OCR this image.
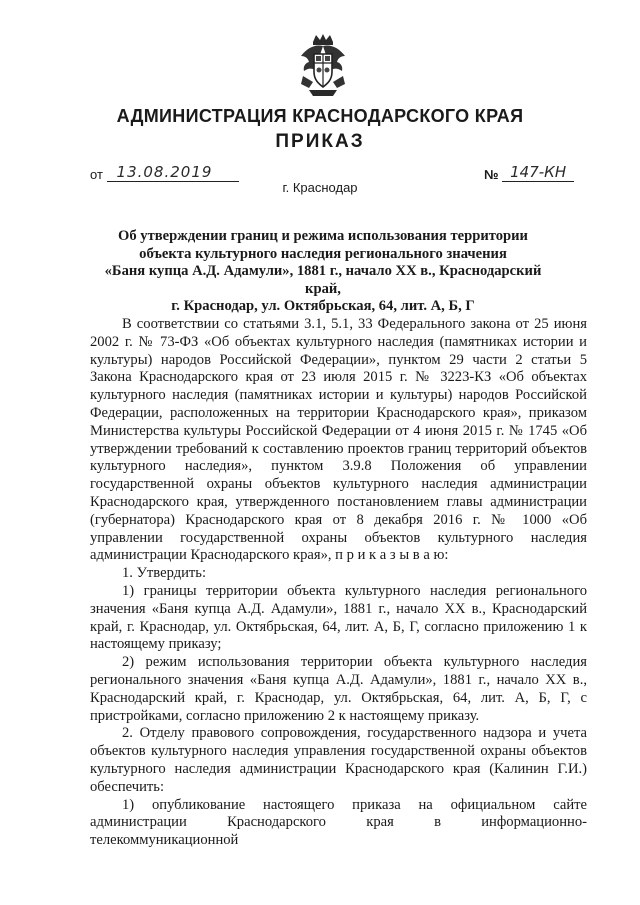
АДМИНИСТРАЦИЯ КРАСНОДАРСКОГО КРАЯ
ПРИКАЗ
от 13.08.2019	№ 147-КН
г. Краснодар
Об утверждении границ и режима использования территории
объекта культурного наследия регионального значения
«Баня купца А.Д. Адамули», 1881 г., начало XX в., Краснодарский край,
г. Краснодар, ул. Октябрьская, 64, лит. А, Б, Г

В соответствии со статьями 3.1, 5.1, 33 Федерального закона от 25 июня 2002 г. № 73-ФЗ «Об объектах культурного наследия (памятниках истории и культуры) народов Российской Федерации», пунктом 29 части 2 статьи 5 Закона Краснодарского края от 23 июля 2015 г. № 3223-КЗ «Об объектах культурного наследия (памятниках истории и культуры) народов Российской Федерации, расположенных на территории Краснодарского края», приказом Министерства культуры Российской Федерации от 4 июня 2015 г. № 1745 «Об утверждении требований к составлению проектов границ территорий объектов культурного наследия», пунктом 3.9.8 Положения об управлении государственной охраны объектов культурного наследия администрации Краснодарского края, утвержденного постановлением главы администрации (губернатора) Краснодарского края от 8 декабря 2016 г. № 1000 «Об управлении государственной охраны объектов культурного наследия администрации Краснодарского края», п р и к а з ы в а ю:

1. Утвердить:

1) границы территории объекта культурного наследия регионального значения «Баня купца А.Д. Адамули», 1881 г., начало XX в., Краснодарский край, г. Краснодар, ул. Октябрьская, 64, лит. А, Б, Г, согласно приложению 1 к настоящему приказу;

2) режим использования территории объекта культурного наследия регионального значения «Баня купца А.Д. Адамули», 1881 г., начало XX в., Краснодарский край, г. Краснодар, ул. Октябрьская, 64, лит. А, Б, Г, с пристройками, согласно приложению 2 к настоящему приказу.

2. Отделу правового сопровождения, государственного надзора и учета объектов культурного наследия управления государственной охраны объектов культурного наследия администрации Краснодарского края (Калинин Г.И.) обеспечить:

1) опубликование настоящего приказа на официальном сайте администрации Краснодарского края в информационно-телекоммуникационной
